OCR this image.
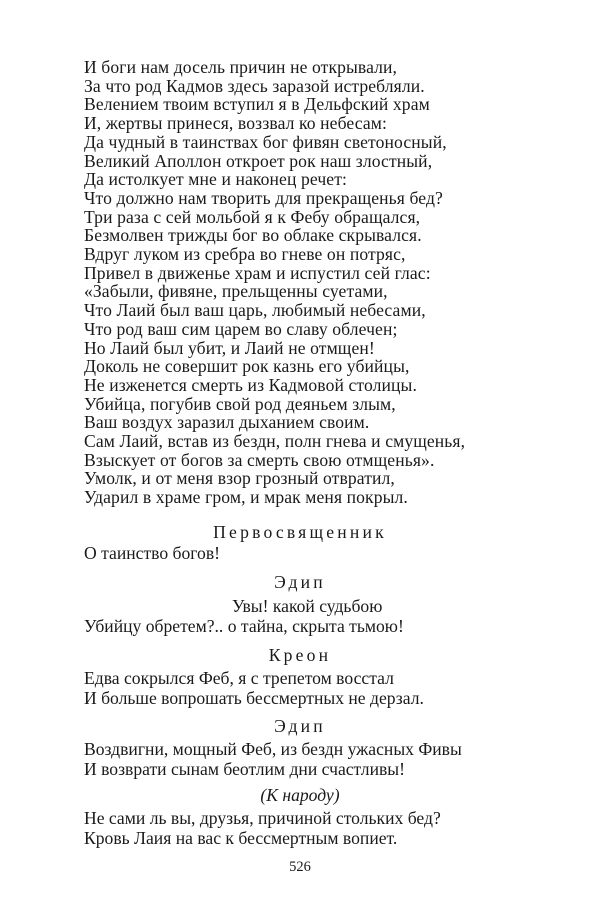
И боги нам досель причин не открывали,
За что род Кадмов здесь заразой истребляли.
Велением твоим вступил я в Дельфский храм
И, жертвы принеся, воззвал ко небесам:
Да чудный в таинствах бог фивян светоносный,
Великий Аполлон откроет рок наш злостный,
Да истолкует мне и наконец речет:
Что должно нам творить для прекращенья бед?
Три раза с сей мольбой я к Фебу обращался,
Безмолвен трижды бог во облаке скрывался.
Вдруг луком из сребра во гневе он потряс,
Привел в движенье храм и испустил сей глас:
«Забыли, фивяне, прельщенны суетами,
Что Лаий был ваш царь, любимый небесами,
Что род ваш сим царем во славу облечен;
Но Лаий был убит, и Лаий не отмщен!
Доколь не совершит рок казнь его убийцы,
Не изженется смерть из Кадмовой столицы.
Убийца, погубив свой род деяньем злым,
Ваш воздух заразил дыханием своим.
Сам Лаий, встав из бездн, полн гнева и смущенья,
Взыскует от богов за смерть свою отмщенья».
Умолк, и от меня взор грозный отвратил,
Ударил в храме гром, и мрак меня покрыл.
Первосвященник
О таинство богов!
Эдип
Увы! какой судьбою
Убийцу обретем?.. о тайна, скрыта тьмою!
Креон
Едва сокрылся Феб, я с трепетом восстал
И больше вопрошать бессмертных не дерзал.
Эдип
Воздвигни, мощный Феб, из бездн ужасных Фивы
И возврати сынам беотлим дни счастливы!
(К народу)
Не сами ль вы, друзья, причиной стольких бед?
Кровь Лаия на вас к бессмертным вопиет.
526
